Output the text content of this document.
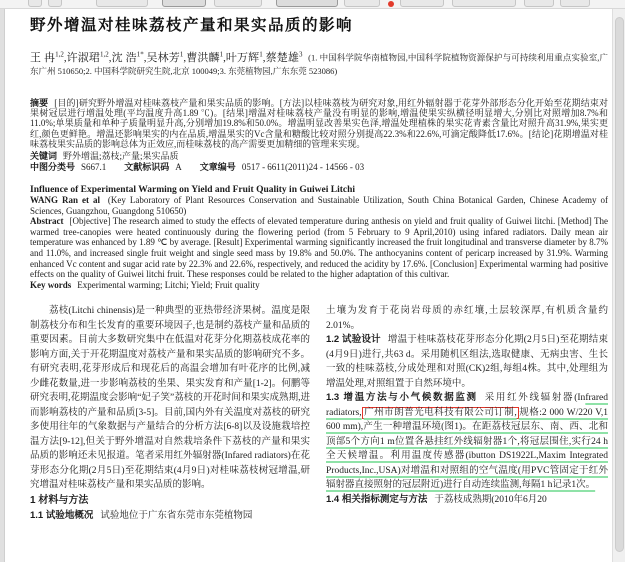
野外增温对桂味荔枝产量和果实品质的影响

王 冉$^{1,2}$,许淑珺$^{1,2}$,沈 浩$^{1*}$,吴林芳$^1$,曹洪麟$^1$,叶万辉$^1$,蔡楚雄$^3$ (1. 中国科学院华南植物园,中国科学院植物资源保护与可持续利用重点实验室,广东广州 510650;2. 中国科学院研究生院,北京 100049;3. 东莞植物园,广东东莞 523086)

摘要 [目的]研究野外增温对桂味荔枝产量和果实品质的影响。[方法]以桂味荔枝为研究对象,用红外辐射器于花芽外部形态分化开始至花期结束对果树冠层进行增温处理(平均温度升高1.89 ℃)。[结果]增温对桂味荔枝产量没有明显的影响,增温使果实纵横径明显增大,分别比对照增加8.7%和11.0%;单果质量和单种子质量明显升高,分别增加19.8%和50.0%。增温明显改善果实色泽,增温处理植株的果实花青素含量比对照升高31.9%,果实更红,颜色更鲜艳。增温还影响果实的内在品质,增温果实的Vc含量和糖酸比较对照分别提高22.3%和22.6%,可滴定酸降低17.6%。[结论]花期增温对桂味荔枝果实品质的影响总体为正效应,而桂味荔枝的高产需要更加精细的管理来实现。

关键词 野外增温;荔枝;产量;果实品质

中图分类号 S667.1 文献标识码 A 文章编号 0517 - 6611(2011)24 - 14566 - 03

Influence of Experimental Warming on Yield and Fruit Quality in Guiwei Litchi
WANG Ran et al (Key Laboratory of Plant Resources Conservation and Sustainable Utilization, South China Botanical Garden, Chinese Academy of Sciences, Guangzhou, Guangdong 510650)
Abstract [Objective] The research aimed to study the effects of elevated temperature during anthesis on yield and fruit quality of Guiwei litchi. [Method] The warmed tree-canopies were heated continuously during the flowering period (from 5 February to 9 April,2010) using infared radiators. Daily mean air temperature was enhanced by 1.89 ℃ by average. [Result] Experimental warming significantly increased the fruit longitudinal and transverse diameter by 8.7% and 11.0%, and increased single fruit weight and single seed mass by 19.8% and 50.0%. The anthocyanins content of pericarp increased by 31.9%. Warming enhanced Vc content and sugar acid rate by 22.3% and 22.6%, respectively, and reduced the acidity by 17.6%. [Conclusion] Experimental warming had positive effects on the quality of Guiwei litchi fruit. These responses could be related to the higher adaptation of this cultivar.
Key words Experimental warming; Litchi; Yield; Fruit quality

荔枝(Litchi chinensis)是一种典型的亚热带经济果树。温度是限制荔枝分布和生长发育的重要环境因子,也是制约荔枝产量和品质的重要因素。目前大多数研究集中在低温对花芽分化期荔枝成花率的影响方面,关于开花期温度对荔枝产量和果实品质的影响研究不多。有研究表明,花芽形成后和现花后的高温会增加有叶花序的比例,减少雌花数量,进一步影响荔枝的坐果、果实发育和产量[1-2]。何鹏等研究表明,花期温度会影响“妃子笑”荔枝的开花时间和果实成熟期,进而影响荔枝的产量和品质[3-5]。目前,国内外有关温度对荔枝的研究多使用往年的气象数据与产量结合的分析方法[6-8]以及设施栽培控温方法[9-12],但关于野外增温对自然栽培条件下荔枝的产量和果实品质的影响还未见报道。笔者采用红外辐射器(Infared radiators)在花芽形态分化期(2月5日)至花期结束(4月9日)对桂味荔枝树冠增温,研究增温对桂味荔枝产量和果实品质的影响。

1 材料与方法

1.1 试验地概况 试验地位于广东省东莞市东莞植物园

土壤为发育于花岗岩母质的赤红壤,土层较深厚,有机质含量约2.01%。

1.2 试验设计 增温于桂味荔枝花芽形态分化期(2月5日)至花期结束(4月9日)进行,共63 d。采用随机区组法,选取健康、无病虫害、生长一致的桂味荔枝,分成处理和对照(CK)2组,每组4株。其中,处理组为增温处理,对照组置于自然环境中。

1.3 增温方法与小气候数据监测 采用红外线辐射器(Infrared radiators, 广州市朗普光电科技有限公司订制, 规格:2 000 W/220 V,1 600 mm),产生一种增温环境(图1)。在距荔枝冠层东、南、西、北和顶部5个方向1 m位置各悬挂红外线辐射器1个,将冠层围住,实行24 h全天候增温。利用温度传感器(ibutton DS1922L,Maxim Integrated Products,Inc.,USA)对增温和对照组的空气温度(用PVC管固定于红外辐射器直接照射的冠层附近)进行自动连续监测,每隔1 h记录1次。

1.4 相关指标测定与方法 于荔枝成熟期(2010年6月20
